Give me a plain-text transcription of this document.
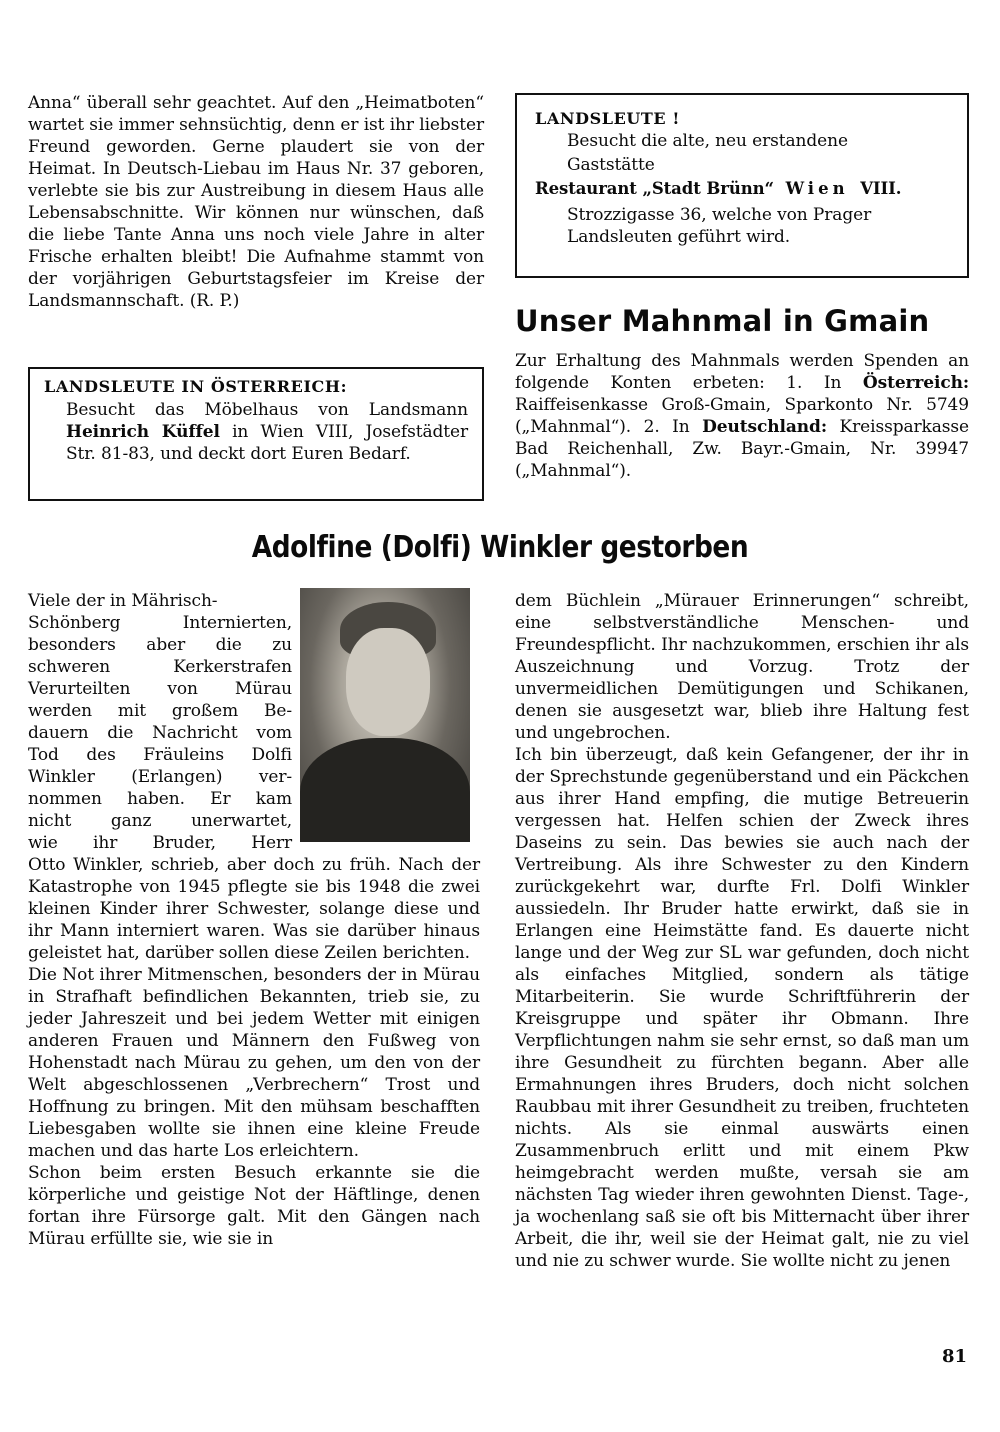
Anna“ überall sehr geachtet. Auf den „Heimatboten“ wartet sie immer sehnsüchtig, denn er ist ihr liebster Freund geworden. Gerne plaudert sie von der Heimat. In Deutsch-Liebau im Haus Nr. 37 geboren, verlebte sie bis zur Austreibung in diesem Haus alle Lebensabschnitte. Wir können nur wünschen, daß die liebe Tante Anna uns noch viele Jahre in alter Frische erhalten bleibt! Die Aufnahme stammt von der vorjährigen Geburtstagsfeier im Kreise der Landsmannschaft. (R. P.)

LANDSLEUTE IN ÖSTERREICH:

Besucht das Möbelhaus von Landsmann Heinrich Küffel in Wien VIII, Josefstädter Str. 81-83, und deckt dort Euren Bedarf.

LANDSLEUTE !
Besucht die alte, neu erstandene
Gaststätte
Restaurant „Stadt Brünn“ Wien VIII.
Strozzigasse 36, welche von Prager
Landsleuten geführt wird.
Unser Mahnmal in Gmain

Zur Erhaltung des Mahnmals werden Spenden an folgende Konten erbeten: 1. In Österreich: Raiffeisenkasse Groß-Gmain, Sparkonto Nr. 5749 („Mahnmal“). 2. In Deutschland: Kreissparkasse Bad Reichenhall, Zw. Bayr.-Gmain, Nr. 39947 („Mahnmal“).

Adolfine (Dolfi) Winkler gestorben
Viele der in Mährisch-
Schönberg Internierten,
besonders aber die zu
schweren Kerkerstrafen
Verurteilten von Mürau
werden mit großem Be-
dauern die Nachricht vom
Tod des Fräuleins Dolfi
Winkler (Erlangen) ver-
nommen haben. Er kam
nicht ganz unerwartet,
wie ihr Bruder, Herr

Otto Winkler, schrieb, aber doch zu früh. Nach der Katastrophe von 1945 pflegte sie bis 1948 die zwei kleinen Kinder ihrer Schwester, solange diese und ihr Mann interniert waren. Was sie darüber hinaus geleistet hat, darüber sollen diese Zeilen berichten.

Die Not ihrer Mitmenschen, besonders der in Mürau in Strafhaft befindlichen Bekannten, trieb sie, zu jeder Jahreszeit und bei jedem Wetter mit einigen anderen Frauen und Männern den Fußweg von Hohenstadt nach Mürau zu gehen, um den von der Welt abgeschlossenen „Verbrechern“ Trost und Hoffnung zu bringen. Mit den mühsam beschafften Liebesgaben wollte sie ihnen eine kleine Freude machen und das harte Los erleichtern.

Schon beim ersten Besuch erkannte sie die körperliche und geistige Not der Häftlinge, denen fortan ihre Fürsorge galt. Mit den Gängen nach Mürau erfüllte sie, wie sie in

dem Büchlein „Mürauer Erinnerungen“ schreibt, eine selbstverständliche Menschen- und Freundespflicht. Ihr nachzukommen, erschien ihr als Auszeichnung und Vorzug. Trotz der unvermeidlichen Demütigungen und Schikanen, denen sie ausgesetzt war, blieb ihre Haltung fest und ungebrochen.

Ich bin überzeugt, daß kein Gefangener, der ihr in der Sprechstunde gegenüberstand und ein Päckchen aus ihrer Hand empfing, die mutige Betreuerin vergessen hat. Helfen schien der Zweck ihres Daseins zu sein. Das bewies sie auch nach der Vertreibung. Als ihre Schwester zu den Kindern zurückgekehrt war, durfte Frl. Dolfi Winkler aussiedeln. Ihr Bruder hatte erwirkt, daß sie in Erlangen eine Heimstätte fand. Es dauerte nicht lange und der Weg zur SL war gefunden, doch nicht als einfaches Mitglied, sondern als tätige Mitarbeiterin. Sie wurde Schriftführerin der Kreisgruppe und später ihr Obmann. Ihre Verpflichtungen nahm sie sehr ernst, so daß man um ihre Gesundheit zu fürchten begann. Aber alle Ermahnungen ihres Bruders, doch nicht solchen Raubbau mit ihrer Gesundheit zu treiben, fruchteten nichts. Als sie einmal auswärts einen Zusammenbruch erlitt und mit einem Pkw heimgebracht werden mußte, versah sie am nächsten Tag wieder ihren gewohnten Dienst. Tage-, ja wochenlang saß sie oft bis Mitternacht über ihrer Arbeit, die ihr, weil sie der Heimat galt, nie zu viel und nie zu schwer wurde. Sie wollte nicht zu jenen

81
